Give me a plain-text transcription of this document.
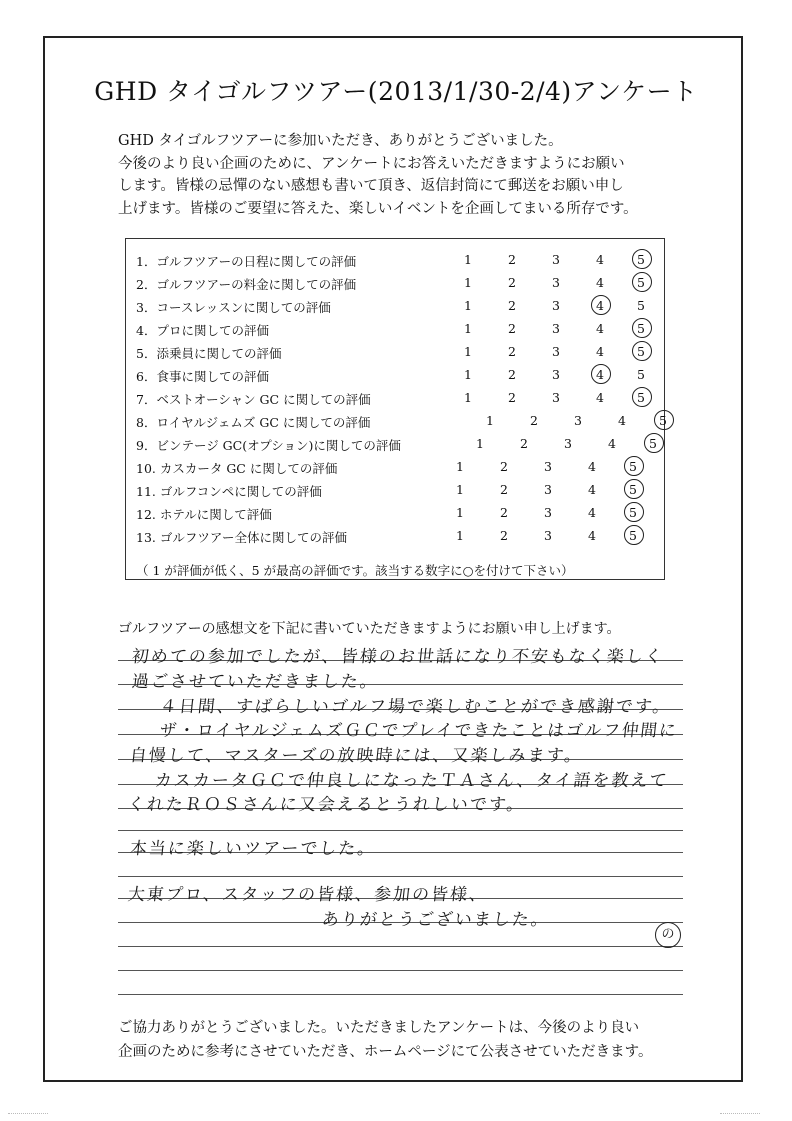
GHD タイゴルフツアー(2013/1/30-2/4)アンケート
GHD タイゴルフツアーに参加いただき、ありがとうございました。
今後のより良い企画のために、アンケートにお答えいただきますようにお願い
します。皆様の忌憚のない感想も書いて頂き、返信封筒にて郵送をお願い申し
上げます。皆様のご要望に答えた、楽しいイベントを企画してまいる所存です。
（ 1 が評価が低く、5 が最高の評価です。該当する数字に○を付けて下さい）
1．ゴルフツアーの日程に関しての評価	1	2	3	4	5
2．ゴルフツアーの料金に関しての評価	1	2	3	4	5
3．コースレッスンに関しての評価	1	2	3	4	5
4．プロに関しての評価	1	2	3	4	5
5．添乗員に関しての評価	1	2	3	4	5
6．食事に関しての評価	1	2	3	4	5
7．ベストオーシャン GC に関しての評価	1	2	3	4	5
8．ロイヤルジェムズ GC に関しての評価	1	2	3	4	5
9．ビンテージ GC(オプション)に関しての評価	1	2	3	4	5
10. カスカータ GC に関しての評価	1	2	3	4	5
11. ゴルフコンペに関しての評価	1	2	3	4	5
12. ホテルに関して評価	1	2	3	4	5
13. ゴルフツアー全体に関しての評価	1	2	3	4	5
ゴルフツアーの感想文を下記に書いていただきますようにお願い申し上げます。
初めての参加でしたが、皆様のお世話になり不安もなく楽しく
過ごさせていただきました。
４日間、すばらしいゴルフ場で楽しむことができ感謝です。
ザ・ロイヤルジェムズＧＣでプレイできたことはゴルフ仲間に
自慢して、マスターズの放映時には、又楽しみます。
カスカータＧＣで仲良しになったＴＡさん、タイ語を教えて
くれたＲＯＳさんに又会えるとうれしいです。
本当に楽しいツアーでした。
大東プロ、スタッフの皆様、参加の皆様、
ありがとうございました。
の
ご協力ありがとうございました。いただきましたアンケートは、今後のより良い
企画のために参考にさせていただき、ホームページにて公表させていただきます。
